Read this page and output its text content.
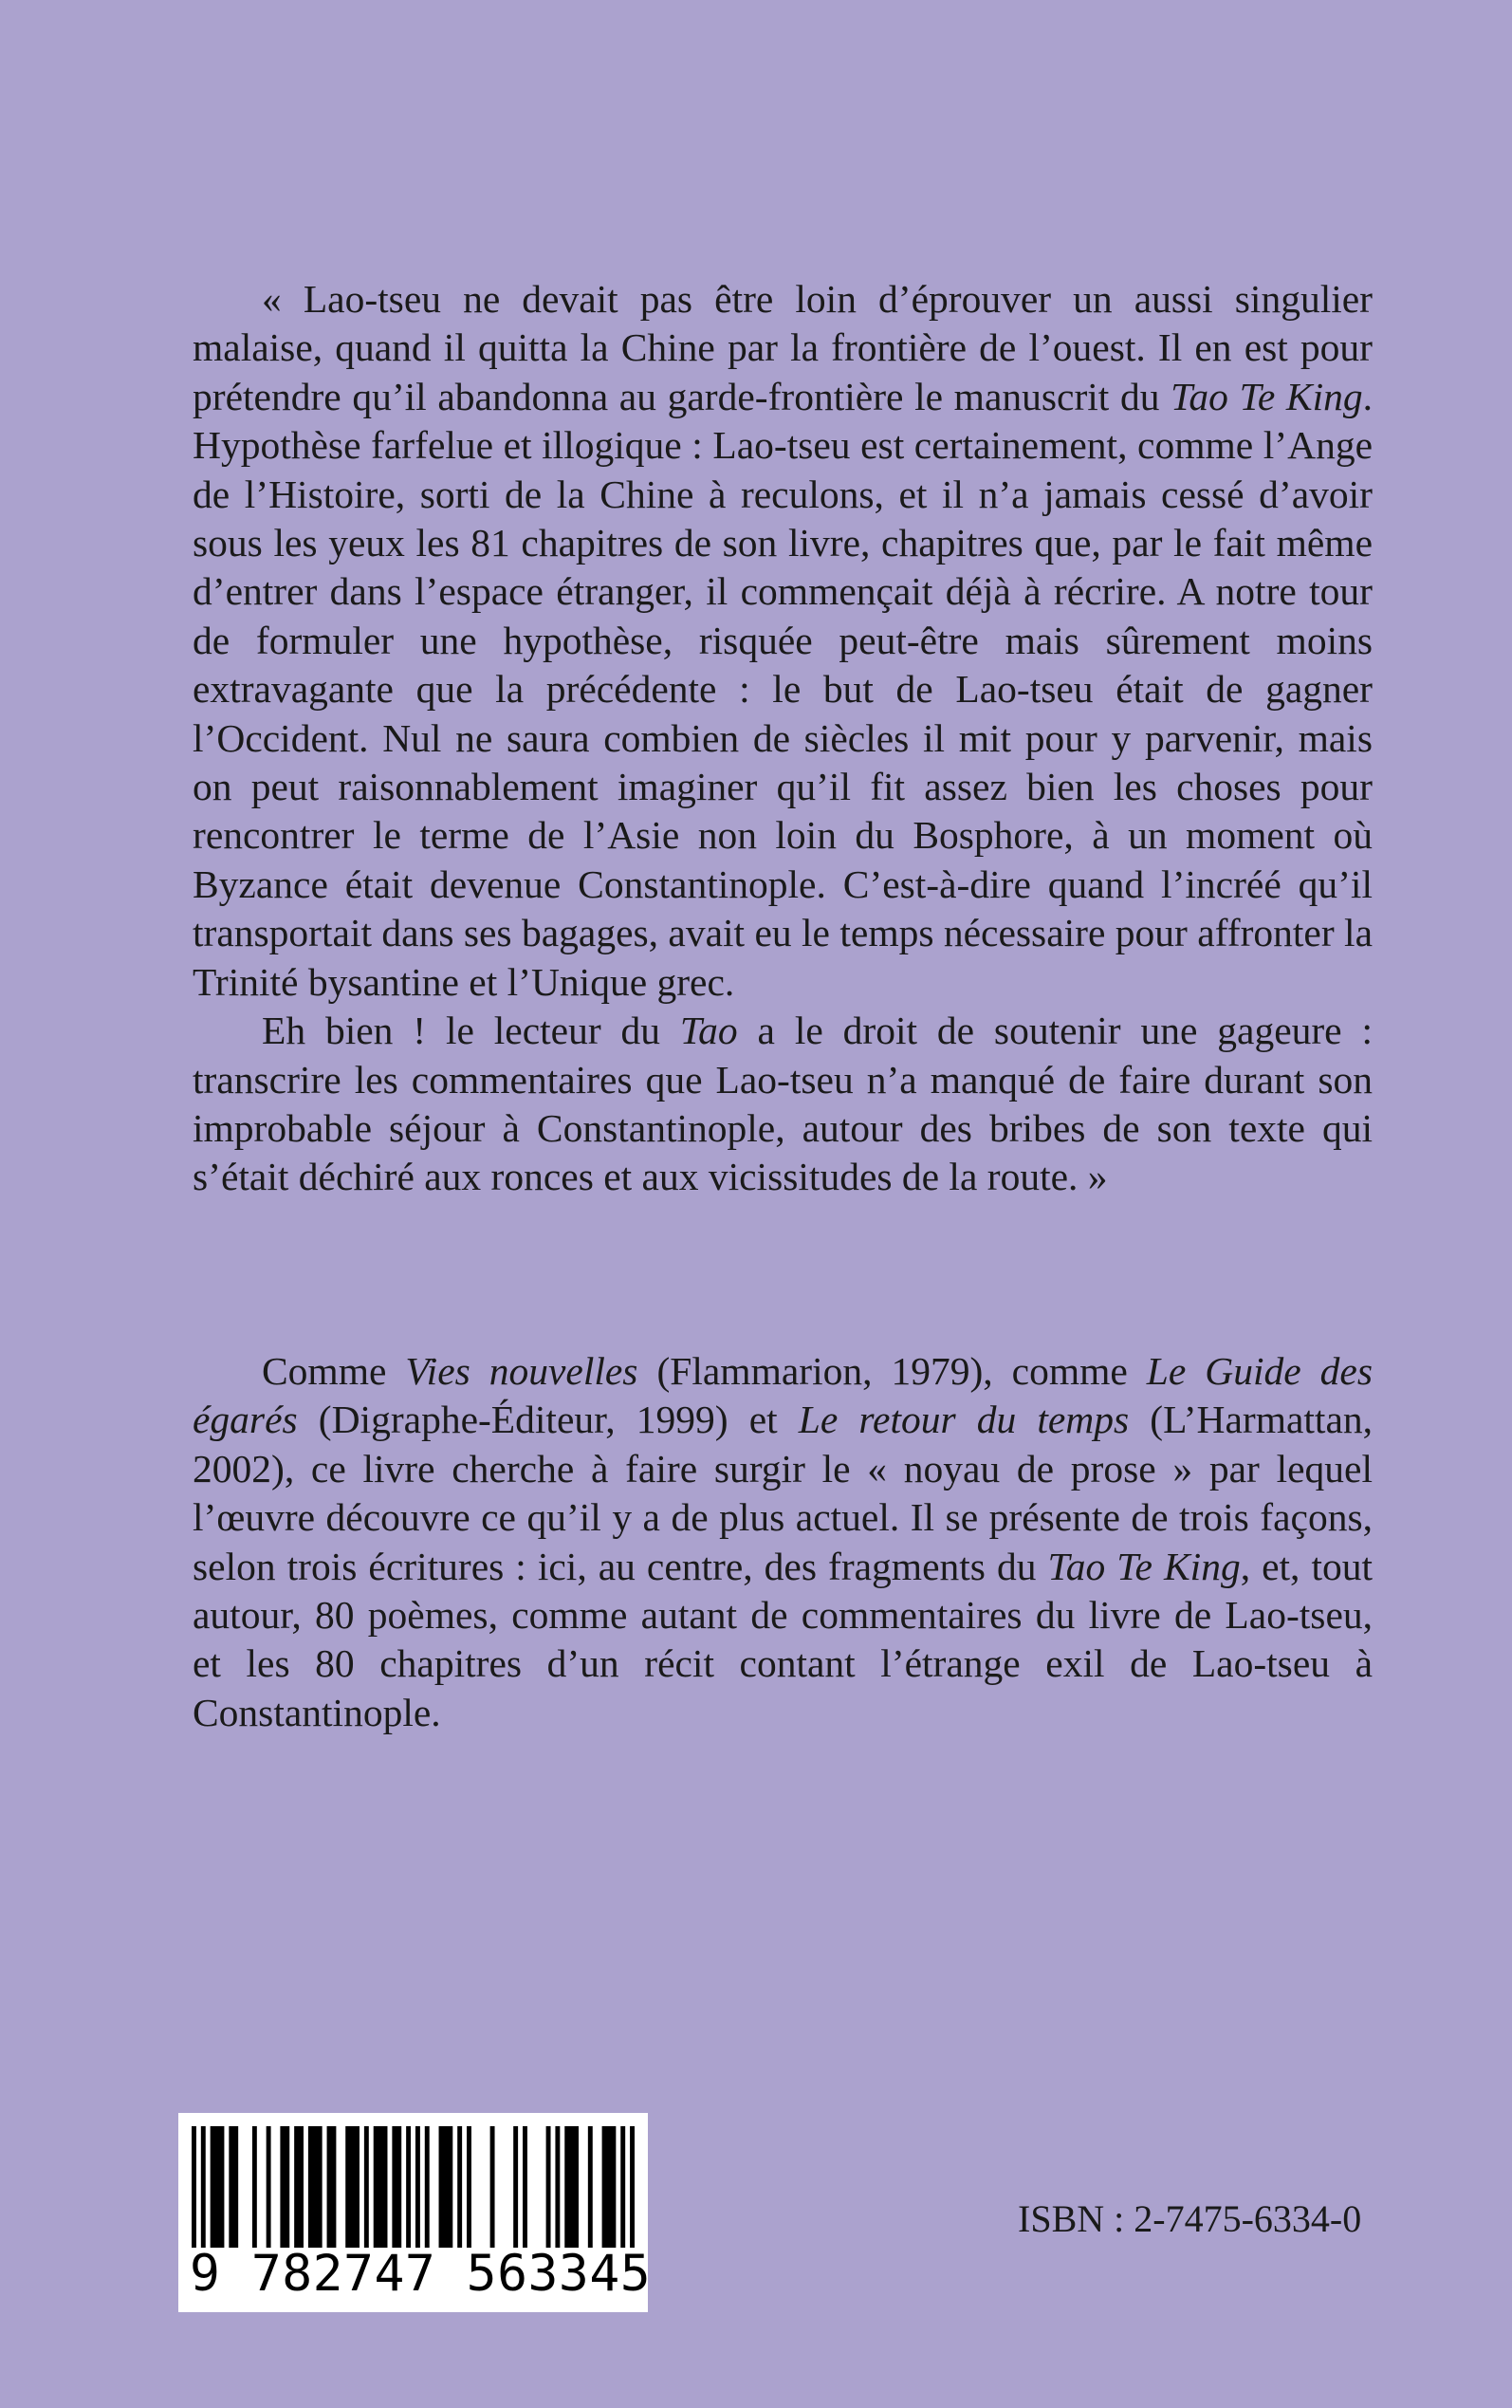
« Lao-tseu ne devait pas être loin d’éprouver un aussi singulier malaise, quand il quitta la Chine par la frontière de l’ouest. Il en est pour prétendre qu’il abandonna au garde-frontière le manuscrit du Tao Te King. Hypothèse farfelue et illogique : Lao-tseu est certainement, comme l’Ange de l’Histoire, sorti de la Chine à reculons, et il n’a jamais cessé d’avoir sous les yeux les 81 chapitres de son livre, chapitres que, par le fait même d’entrer dans l’espace étranger, il commençait déjà à récrire. A notre tour de formuler une hypothèse, risquée peut-être mais sûrement moins extravagante que la précédente : le but de Lao-tseu était de gagner l’Occident. Nul ne saura combien de siècles il mit pour y parvenir, mais on peut raisonnablement imaginer qu’il fit assez bien les choses pour rencontrer le terme de l’Asie non loin du Bosphore, à un moment où Byzance était devenue Constantinople. C’est-à-dire quand l’incréé qu’il transportait dans ses bagages, avait eu le temps nécessaire pour affronter la Trinité bysantine et l’Unique grec.

Eh bien ! le lecteur du Tao a le droit de soutenir une gageure : transcrire les commentaires que Lao-tseu n’a manqué de faire durant son improbable séjour à Constantinople, autour des bribes de son texte qui s’était déchiré aux ronces et aux vicissitudes de la route. »

Comme Vies nouvelles (Flammarion, 1979), comme Le Guide des égarés (Digraphe-Éditeur, 1999) et Le retour du temps (L’Harmattan, 2002), ce livre cherche à faire surgir le « noyau de prose » par lequel l’œuvre découvre ce qu’il y a de plus actuel. Il se présente de trois façons, selon trois écritures : ici, au centre, des fragments du Tao Te King, et, tout autour, 80 poèmes, comme autant de commentaires du livre de Lao-tseu, et les 80 chapitres d’un récit contant l’étrange exil de Lao-tseu à Constantinople.

9 782747 563345
ISBN : 2-7475-6334-0
